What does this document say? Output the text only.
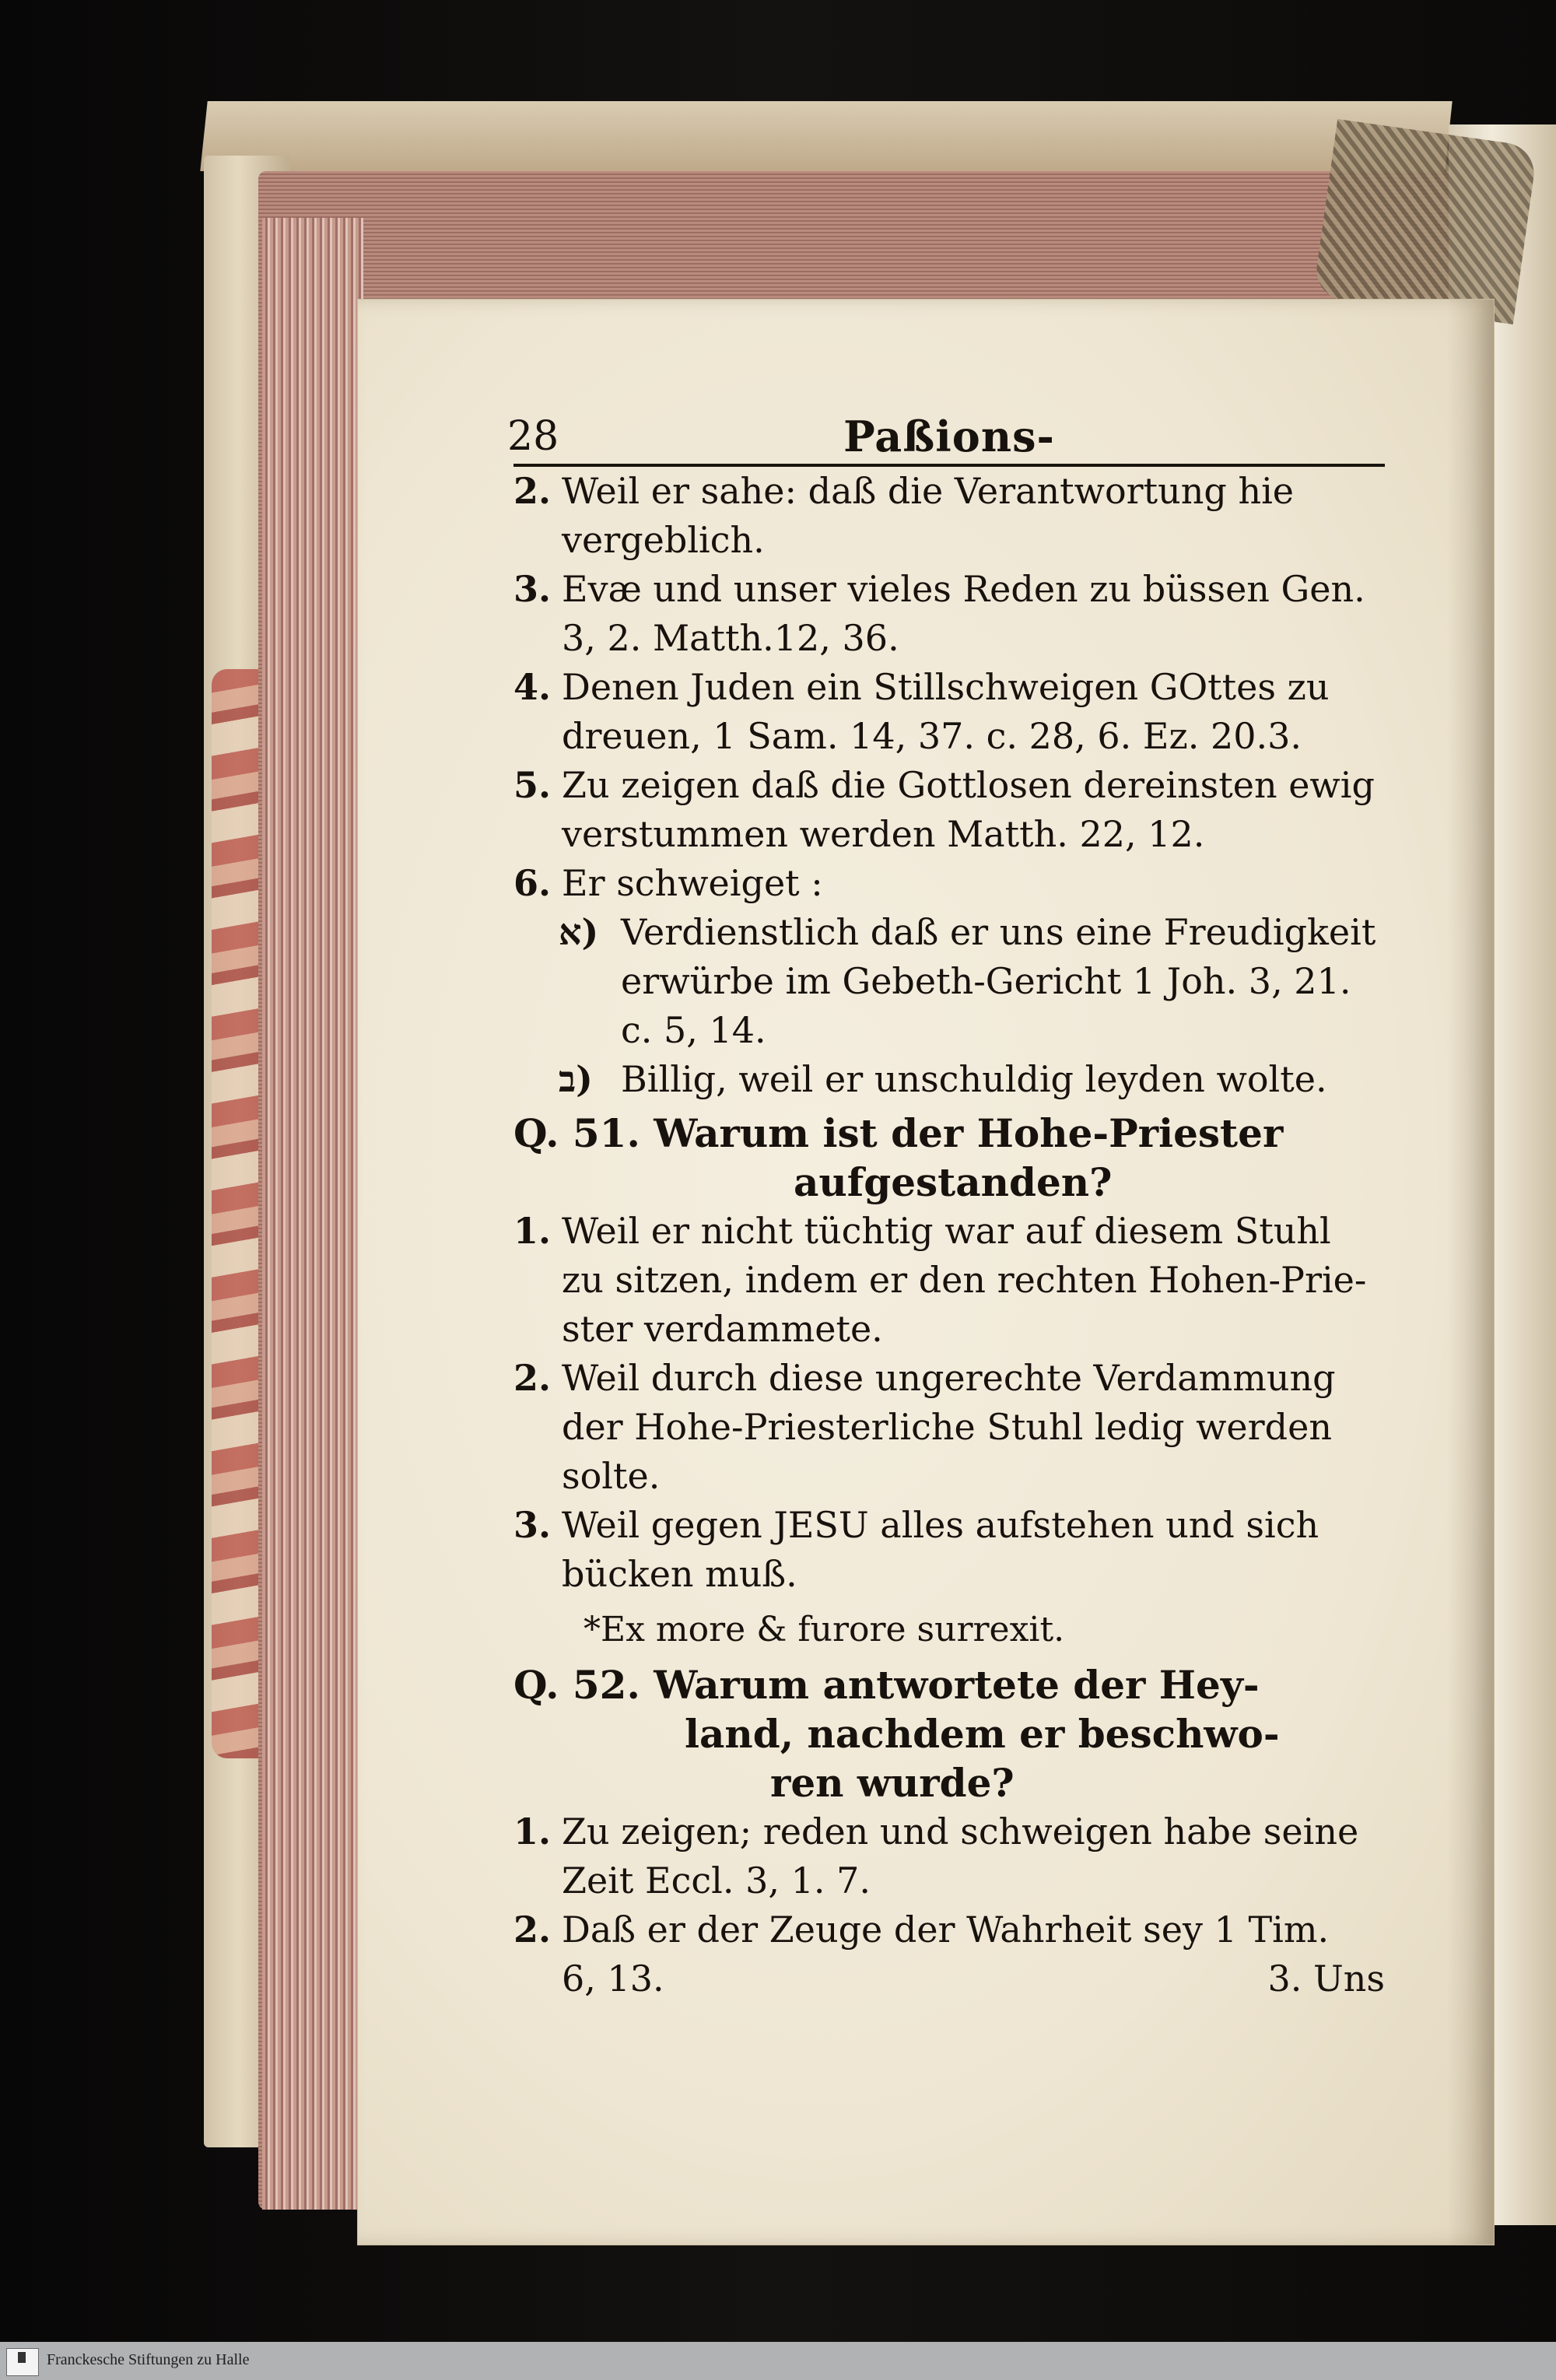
28	Paßions-
2. Weil er sahe: daß die Verantwortung hie
vergeblich.
3. Evæ und unser vieles Reden zu büssen Gen.
3, 2. Matth.12, 36.
4. Denen Juden ein Stillschweigen GOttes zu
dreuen, 1 Sam. 14, 37. c. 28, 6. Ez. 20.3.
5. Zu zeigen daß die Gottlosen dereinsten ewig
verstummen werden Matth. 22, 12.
6. Er schweiget :
א) Verdienstlich daß er uns eine Freudigkeit
erwürbe im Gebeth-Gericht 1 Joh. 3, 21.
c. 5, 14.
ב) Billig, weil er unschuldig leyden wolte.
Q. 51. Warum ist der Hohe-Priester
aufgestanden?
1. Weil er nicht tüchtig war auf diesem Stuhl
zu sitzen, indem er den rechten Hohen-Prie-
ster verdammete.
2. Weil durch diese ungerechte Verdammung
der Hohe-Priesterliche Stuhl ledig werden
solte.
3. Weil gegen JESU alles aufstehen und sich
bücken muß.
*Ex more & furore surrexit.
Q. 52. Warum antwortete der Hey-
land, nachdem er beschwo-
ren wurde?
1. Zu zeigen; reden und schweigen habe seine
Zeit Eccl. 3, 1. 7.
2. Daß er der Zeuge der Wahrheit sey 1 Tim.
6, 13.	3. Uns
Franckesche Stiftungen zu Halle
